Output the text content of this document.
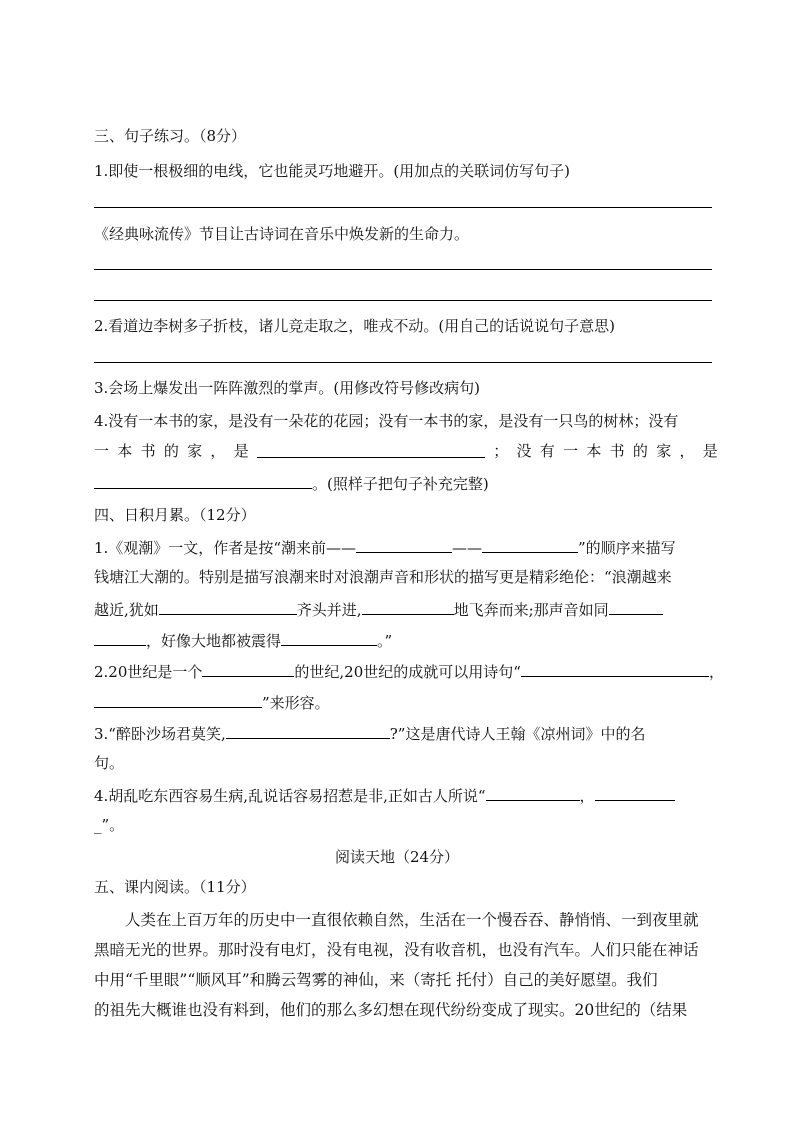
三、句子练习。（8分）
1.即使一根极细的电线，它也能灵巧地避开。(用加点的关联词仿写句子)
《经典咏流传》节目让古诗词在音乐中焕发新的生命力。
2.看道边李树多子折枝，诸儿竞走取之，唯戎不动。(用自己的话说说句子意思)
3.会场上爆发出一阵阵激烈的掌声。(用修改符号修改病句)
4.没有一本书的家，是没有一朵花的花园；没有一本书的家，是没有一只鸟的树林；没有
一 本 书 的 家 ， 是	； 没 有 一 本 书 的 家 ， 是
。(照样子把句子补充完整)
四、日积月累。（12分）
1.《观潮》一文，作者是按“潮来前——	——	”的顺序来描写
钱塘江大潮的。特别是描写浪潮来时对浪潮声音和形状的描写更是精彩绝伦：“浪潮越来
越近,犹如	齐头并进,	地飞奔而来;那声音如同
，好像大地都被震得	。”
2.20世纪是一个	的世纪,20世纪的成就可以用诗句“	，
”来形容。
3.“醉卧沙场君莫笑,	?”这是唐代诗人王翰《凉州词》中的名
句。
4.胡乱吃东西容易生病,乱说话容易招惹是非,正如古人所说“	，
_”。
阅读天地（24分）
五、课内阅读。（11分）
人类在上百万年的历史中一直很依赖自然，生活在一个慢吞吞、静悄悄、一到夜里就
黑暗无光的世界。那时没有电灯，没有电视，没有收音机，也没有汽车。人们只能在神话
中用“千里眼”“顺风耳”和腾云驾雾的神仙，来（寄托 托付）自己的美好愿望。我们
的祖先大概谁也没有料到，他们的那么多幻想在现代纷纷变成了现实。20世纪的（结果
